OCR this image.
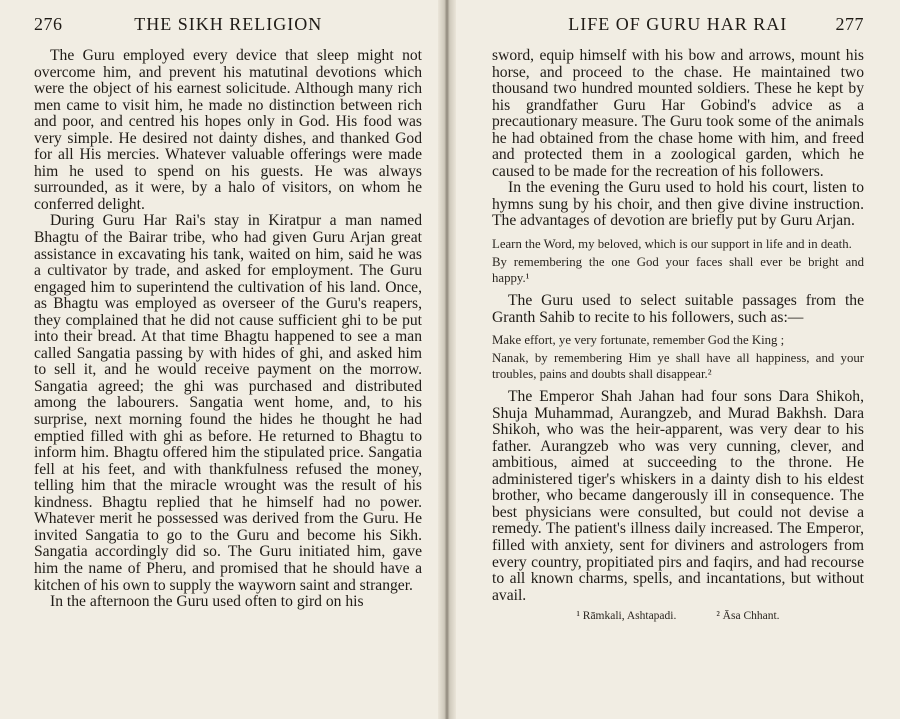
276	THE SIKH RELIGION

The Guru employed every device that sleep might not overcome him, and prevent his matutinal devotions which were the object of his earnest solicitude. Although many rich men came to visit him, he made no distinction between rich and poor, and centred his hopes only in God. His food was very simple. He desired not dainty dishes, and thanked God for all His mercies. Whatever valuable offerings were made him he used to spend on his guests. He was always surrounded, as it were, by a halo of visitors, on whom he conferred delight.

During Guru Har Rai's stay in Kiratpur a man named Bhagtu of the Bairar tribe, who had given Guru Arjan great assistance in excavating his tank, waited on him, said he was a cultivator by trade, and asked for employment. The Guru engaged him to superintend the cultivation of his land. Once, as Bhagtu was employed as overseer of the Guru's reapers, they complained that he did not cause sufficient ghi to be put into their bread. At that time Bhagtu happened to see a man called Sangatia passing by with hides of ghi, and asked him to sell it, and he would receive payment on the morrow. Sangatia agreed; the ghi was purchased and distributed among the labourers. Sangatia went home, and, to his surprise, next morning found the hides he thought he had emptied filled with ghi as before. He returned to Bhagtu to inform him. Bhagtu offered him the stipulated price. Sangatia fell at his feet, and with thankfulness refused the money, telling him that the miracle wrought was the result of his kindness. Bhagtu replied that he himself had no power. Whatever merit he possessed was derived from the Guru. He invited Sangatia to go to the Guru and become his Sikh. Sangatia accordingly did so. The Guru initiated him, gave him the name of Pheru, and promised that he should have a kitchen of his own to supply the wayworn saint and stranger.

In the afternoon the Guru used often to gird on his

LIFE OF GURU HAR RAI	277

sword, equip himself with his bow and arrows, mount his horse, and proceed to the chase. He maintained two thousand two hundred mounted soldiers. These he kept by his grandfather Guru Har Gobind's advice as a precautionary measure. The Guru took some of the animals he had obtained from the chase home with him, and freed and protected them in a zoological garden, which he caused to be made for the recreation of his followers.

In the evening the Guru used to hold his court, listen to hymns sung by his choir, and then give divine instruction. The advantages of devotion are briefly put by Guru Arjan.

Learn the Word, my beloved, which is our support in life and in death.
By remembering the one God your faces shall ever be bright and happy.¹

The Guru used to select suitable passages from the Granth Sahib to recite to his followers, such as:—

Make effort, ye very fortunate, remember God the King ;
Nanak, by remembering Him ye shall have all happiness, and your troubles, pains and doubts shall disappear.²

The Emperor Shah Jahan had four sons Dara Shikoh, Shuja Muhammad, Aurangzeb, and Murad Bakhsh. Dara Shikoh, who was the heir-apparent, was very dear to his father. Aurangzeb who was very cunning, clever, and ambitious, aimed at succeeding to the throne. He administered tiger's whiskers in a dainty dish to his eldest brother, who became dangerously ill in consequence. The best physicians were consulted, but could not devise a remedy. The patient's illness daily increased. The Emperor, filled with anxiety, sent for diviners and astrologers from every country, propitiated pirs and faqirs, and had recourse to all known charms, spells, and incantations, but without avail.

¹ Rāmkali, Ashtapadi.	² Āsa Chhant.
